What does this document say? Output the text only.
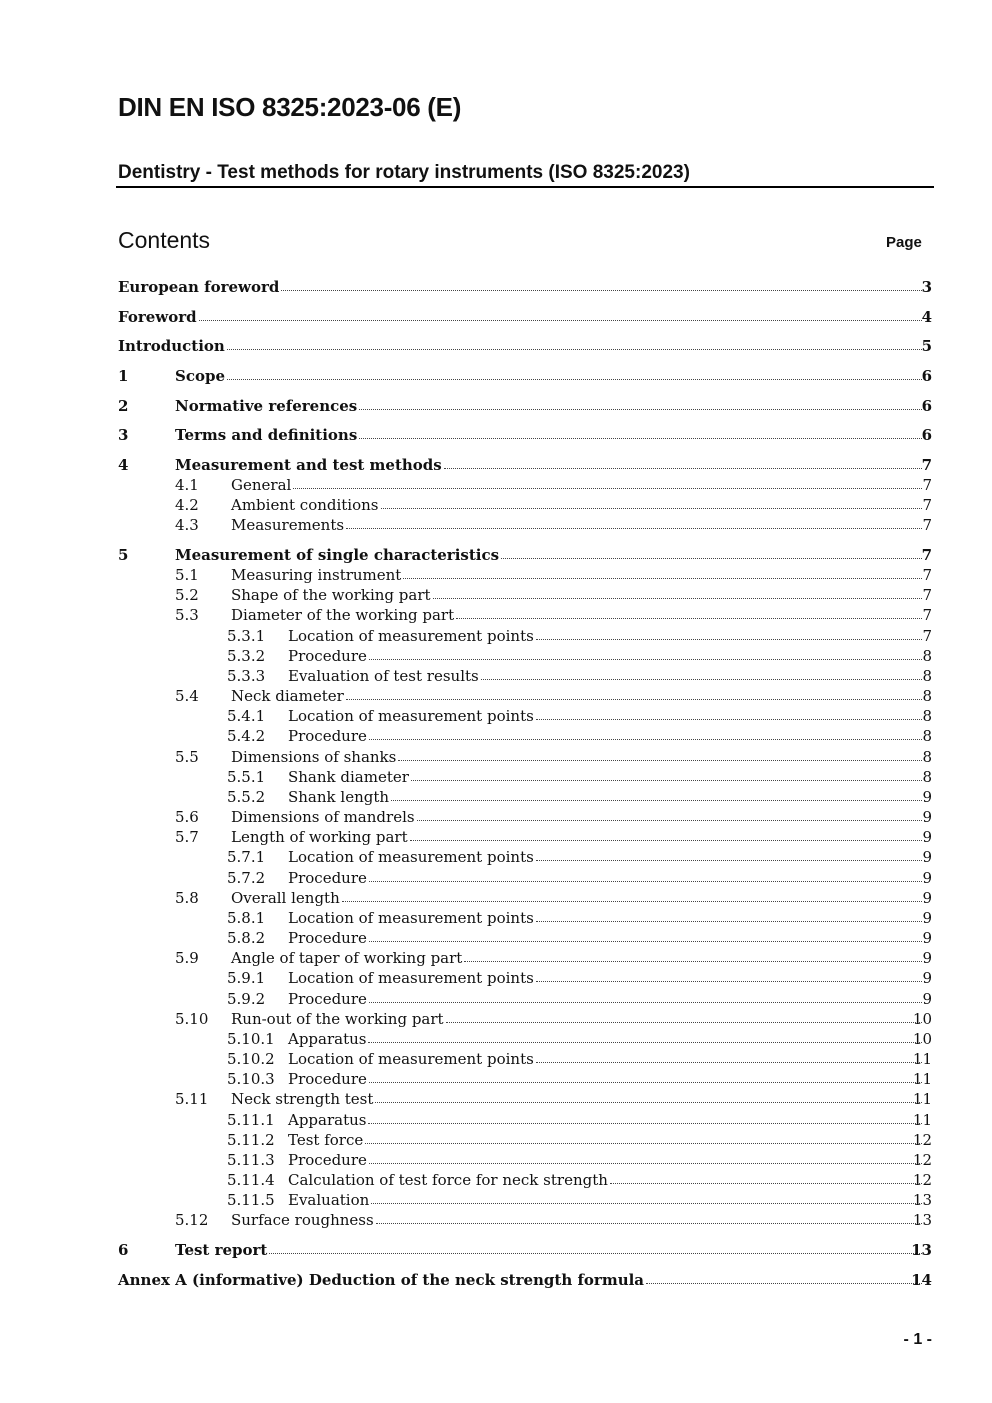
DIN EN ISO 8325:2023-06 (E)
Dentistry - Test methods for rotary instruments (ISO 8325:2023)
Contents	Page
European foreword	3
Foreword	4
Introduction	5
1	Scope	6
2	Normative references	6
3	Terms and definitions	6
4	Measurement and test methods	7
4.1 General	7
4.2 Ambient conditions	7
4.3 Measurements	7
5	Measurement of single characteristics	7
5.1 Measuring instrument	7
5.2 Shape of the working part	7
5.3 Diameter of the working part	7
5.3.1 Location of measurement points	7
5.3.2 Procedure	8
5.3.3 Evaluation of test results	8
5.4 Neck diameter	8
5.4.1 Location of measurement points	8
5.4.2 Procedure	8
5.5 Dimensions of shanks	8
5.5.1 Shank diameter	8
5.5.2 Shank length	9
5.6 Dimensions of mandrels	9
5.7 Length of working part	9
5.7.1 Location of measurement points	9
5.7.2 Procedure	9
5.8 Overall length	9
5.8.1 Location of measurement points	9
5.8.2 Procedure	9
5.9 Angle of taper of working part	9
5.9.1 Location of measurement points	9
5.9.2 Procedure	9
5.10 Run-out of the working part	10
5.10.1 Apparatus	10
5.10.2 Location of measurement points	11
5.10.3 Procedure	11
5.11 Neck strength test	11
5.11.1 Apparatus	11
5.11.2 Test force	12
5.11.3 Procedure	12
5.11.4 Calculation of test force for neck strength	12
5.11.5 Evaluation	13
5.12 Surface roughness	13
6	Test report	13
Annex A (informative) Deduction of the neck strength formula	14
- 1 -
